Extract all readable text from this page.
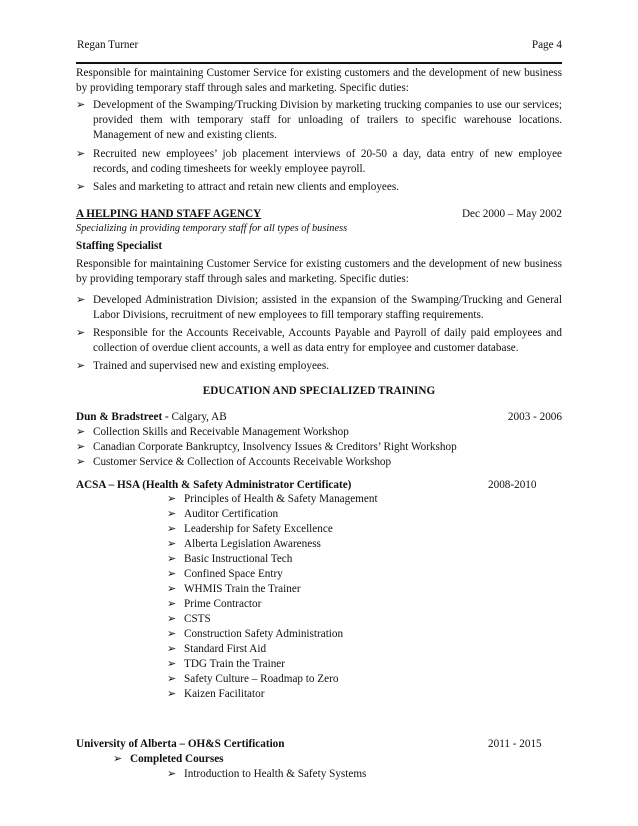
Regan Turner	Page 4
Responsible for maintaining Customer Service for existing customers and the development of new business by providing temporary staff through sales and marketing. Specific duties:
➢ Development of the Swamping/Trucking Division by marketing trucking companies to use our services; provided them with temporary staff for unloading of trailers to specific warehouse locations. Management of new and existing clients.
➢ Recruited new employees’ job placement interviews of 20-50 a day, data entry of new employee records, and coding timesheets for weekly employee payroll.
➢ Sales and marketing to attract and retain new clients and employees.
A HELPING HAND STAFF AGENCY	Dec 2000 – May 2002
Specializing in providing temporary staff for all types of business
Staffing Specialist
Responsible for maintaining Customer Service for existing customers and the development of new business by providing temporary staff through sales and marketing. Specific duties:
➢ Developed Administration Division; assisted in the expansion of the Swamping/Trucking and General Labor Divisions, recruitment of new employees to fill temporary staffing requirements.
➢ Responsible for the Accounts Receivable, Accounts Payable and Payroll of daily paid employees and collection of overdue client accounts, a well as data entry for employee and customer database.
➢ Trained and supervised new and existing employees.
EDUCATION AND SPECIALIZED TRAINING
Dun & Bradstreet - Calgary, AB	2003 - 2006
➢ Collection Skills and Receivable Management Workshop
➢ Canadian Corporate Bankruptcy, Insolvency Issues & Creditors’ Right Workshop
➢ Customer Service & Collection of Accounts Receivable Workshop
ACSA – HSA (Health & Safety Administrator Certificate)	2008-2010
➢ Principles of Health & Safety Management
➢ Auditor Certification
➢ Leadership for Safety Excellence
➢ Alberta Legislation Awareness
➢ Basic Instructional Tech
➢ Confined Space Entry
➢ WHMIS Train the Trainer
➢ Prime Contractor
➢ CSTS
➢ Construction Safety Administration
➢ Standard First Aid
➢ TDG Train the Trainer
➢ Safety Culture – Roadmap to Zero
➢ Kaizen Facilitator
University of Alberta – OH&S Certification	2011 - 2015
➢ Completed Courses
➢ Introduction to Health & Safety Systems
